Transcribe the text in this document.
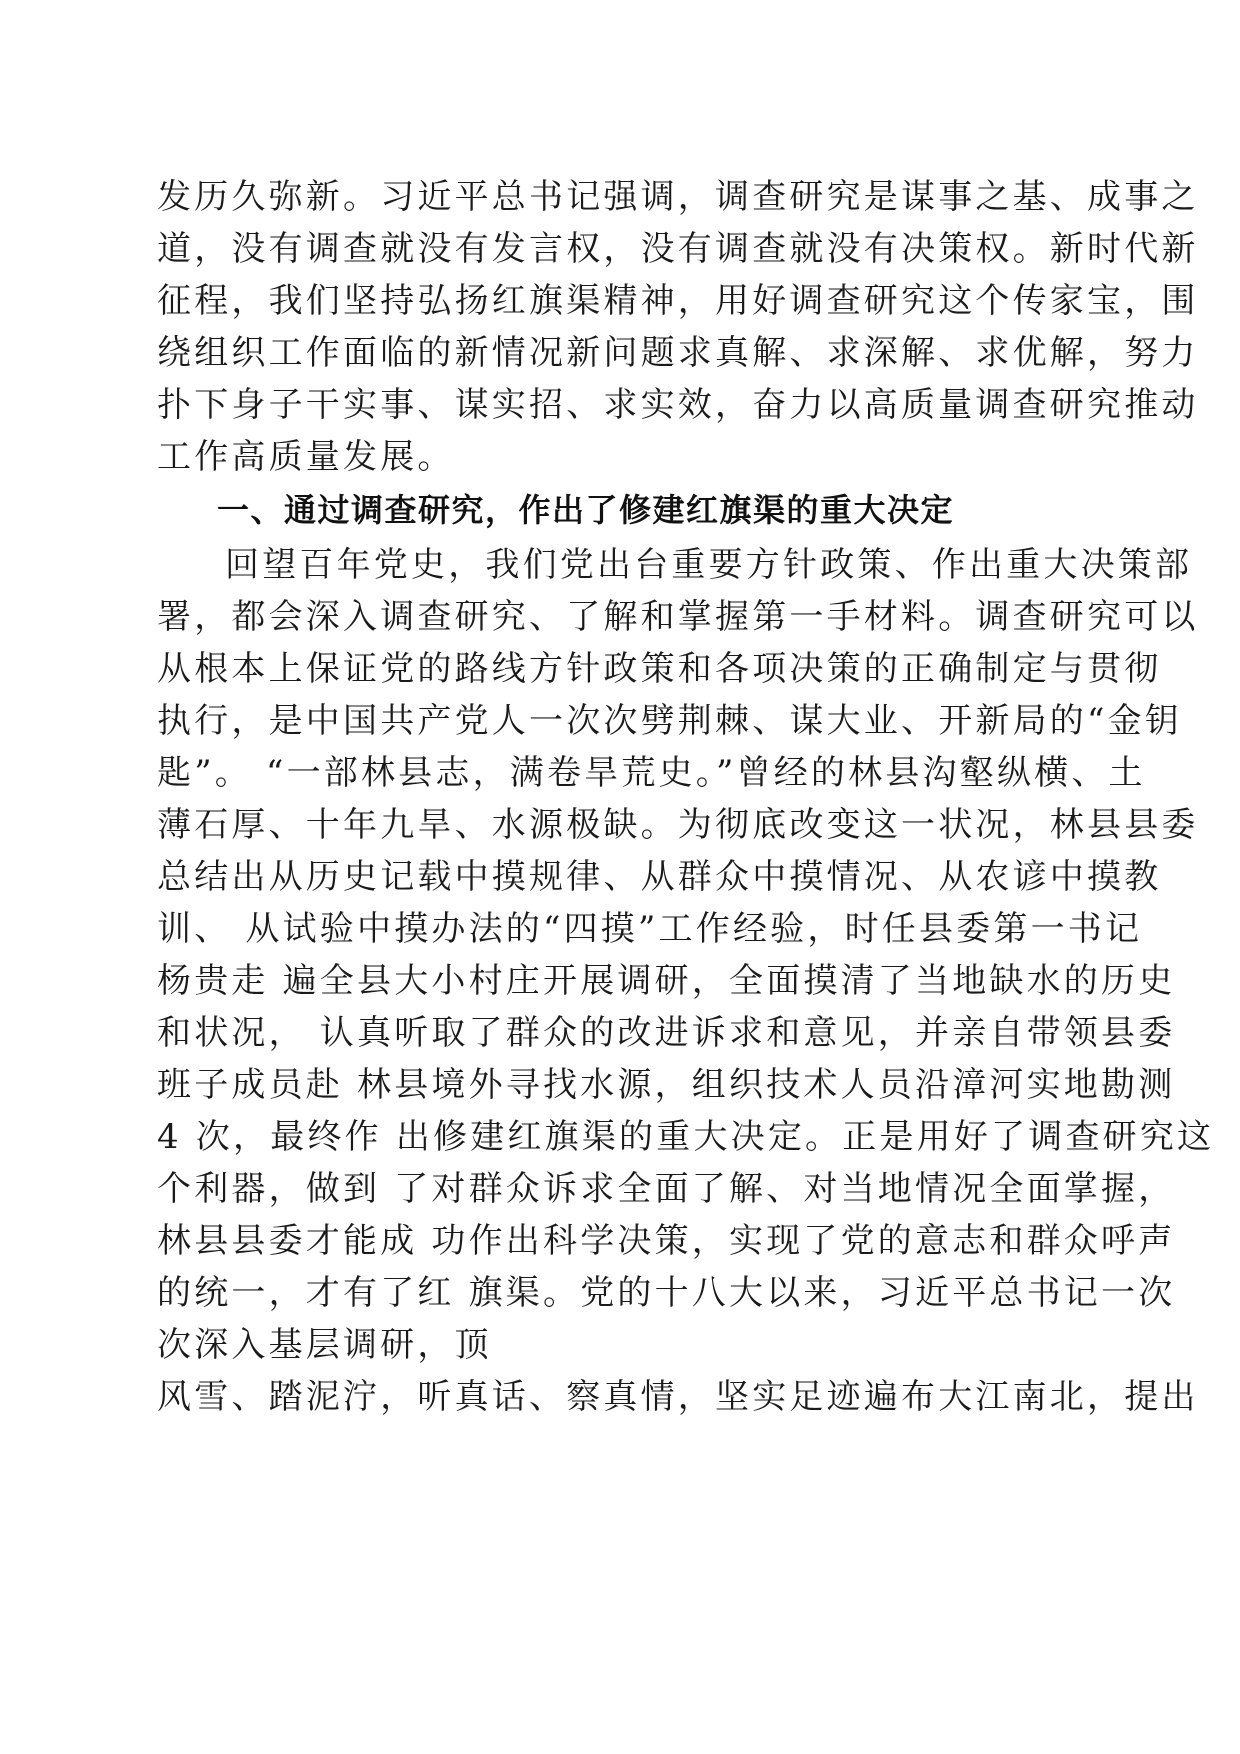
发历久弥新。习近平总书记强调，调查研究是谋事之基、成事之

道，没有调查就没有发言权，没有调查就没有决策权。新时代新

征程，我们坚持弘扬红旗渠精神，用好调查研究这个传家宝，围

绕组织工作面临的新情况新问题求真解、求深解、求优解，努力

扑下身子干实事、谋实招、求实效，奋力以高质量调查研究推动

工作高质量发展。

一、通过调查研究，作出了修建红旗渠的重大决定

回望百年党史，我们党出台重要方针政策、作出重大决策部

署，都会深入调查研究、了解和掌握第一手材料。调查研究可以

从根本上保证党的路线方针政策和各项决策的正确制定与贯彻

执行，是中国共产党人一次次劈荆棘、谋大业、开新局的“金钥

匙”。 “一部林县志，满卷旱荒史。”曾经的林县沟壑纵横、土

薄石厚、十年九旱、水源极缺。为彻底改变这一状况，林县县委

总结出从历史记载中摸规律、从群众中摸情况、从农谚中摸教

训、 从试验中摸办法的“四摸”工作经验，时任县委第一书记

杨贵走 遍全县大小村庄开展调研，全面摸清了当地缺水的历史

和状况， 认真听取了群众的改进诉求和意见，并亲自带领县委

班子成员赴 林县境外寻找水源，组织技术人员沿漳河实地勘测

4 次，最终作 出修建红旗渠的重大决定。正是用好了调查研究这

个利器，做到 了对群众诉求全面了解、对当地情况全面掌握，

林县县委才能成 功作出科学决策，实现了党的意志和群众呼声

的统一，才有了红 旗渠。党的十八大以来，习近平总书记一次

次深入基层调研，顶

风雪、踏泥泞，听真话、察真情，坚实足迹遍布大江南北，提出
